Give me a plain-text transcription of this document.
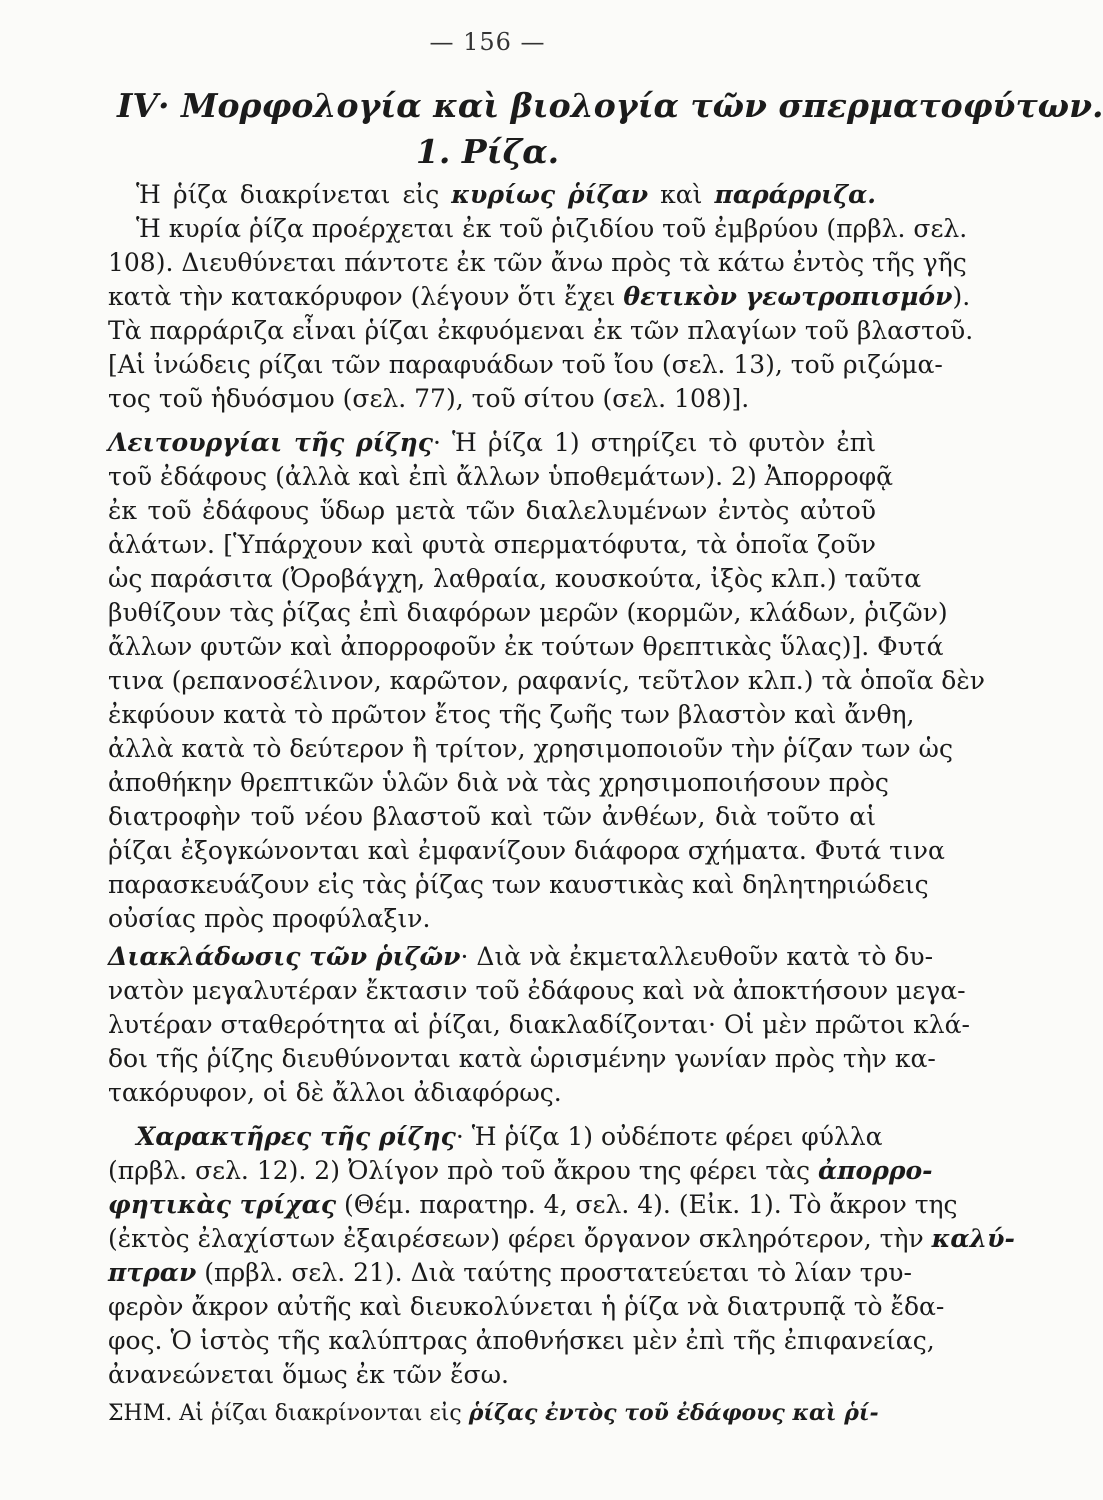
— 156 —
IV· Μορφολογία καὶ βιολογία τῶν σπερματοφύτων.
1. Ρίζα.
Ἡ ῥίζα διακρίνεται εἰς κυρίως ῥίζαν καὶ παράρριζα.
Ἡ κυρία ῥίζα προέρχεται ἐκ τοῦ ῥιζιδίου τοῦ ἐμβρύου (πρβλ. σελ.
108). Διευθύνεται πάντοτε ἐκ τῶν ἄνω πρὸς τὰ κάτω ἐντὸς τῆς γῆς
κατὰ τὴν κατακόρυφον (λέγουν ὅτι ἔχει θετικὸν γεωτροπισμόν).
Τὰ παρράριζα εἶναι ῥίζαι ἐκφυόμεναι ἐκ τῶν πλαγίων τοῦ βλαστοῦ.
[Αἱ ἰνώδεις ρίζαι τῶν παραφυάδων τοῦ ἴου (σελ. 13), τοῦ ριζώμα-
τος τοῦ ἡδυόσμου (σελ. 77), τοῦ σίτου (σελ. 108)].
Λειτουργίαι τῆς ρίζης· Ἡ ῥίζα 1) στηρίζει τὸ φυτὸν ἐπὶ
τοῦ ἐδάφους (ἀλλὰ καὶ ἐπὶ ἄλλων ὑποθεμάτων). 2) Ἀπορροφᾷ
ἐκ τοῦ ἐδάφους ὕδωρ μετὰ τῶν διαλελυμένων ἐντὸς αὐτοῦ
ἁλάτων. [Ὑπάρχουν καὶ φυτὰ σπερματόφυτα, τὰ ὁποῖα ζοῦν
ὡς παράσιτα (Ὀροβάγχη, λαθραία, κουσκούτα, ἰξὸς κλπ.) ταῦτα
βυθίζουν τὰς ῥίζας ἐπὶ διαφόρων μερῶν (κορμῶν, κλάδων, ῥιζῶν)
ἄλλων φυτῶν καὶ ἀπορροφοῦν ἐκ τούτων θρεπτικὰς ὕλας)]. Φυτά
τινα (ρεπανοσέλινον, καρῶτον, ραφανίς, τεῦτλον κλπ.) τὰ ὁποῖα δὲν
ἐκφύουν κατὰ τὸ πρῶτον ἔτος τῆς ζωῆς των βλαστὸν καὶ ἄνθη,
ἀλλὰ κατὰ τὸ δεύτερον ἢ τρίτον, χρησιμοποιοῦν τὴν ῥίζαν των ὡς
ἀποθήκην θρεπτικῶν ὑλῶν διὰ νὰ τὰς χρησιμοποιήσουν πρὸς
διατροφὴν τοῦ νέου βλαστοῦ καὶ τῶν ἀνθέων, διὰ τοῦτο αἱ
ῥίζαι ἐξογκώνονται καὶ ἐμφανίζουν διάφορα σχήματα. Φυτά τινα
παρασκευάζουν εἰς τὰς ῥίζας των καυστικὰς καὶ δηλητηριώδεις
οὐσίας πρὸς προφύλαξιν.
Διακλάδωσις τῶν ῥιζῶν· Διὰ νὰ ἐκμεταλλευθοῦν κατὰ τὸ δυ-
νατὸν μεγαλυτέραν ἔκτασιν τοῦ ἐδάφους καὶ νὰ ἀποκτήσουν μεγα-
λυτέραν σταθερότητα αἱ ῥίζαι, διακλαδίζονται· Οἱ μὲν πρῶτοι κλά-
δοι τῆς ῥίζης διευθύνονται κατὰ ὡρισμένην γωνίαν πρὸς τὴν κα-
τακόρυφον, οἱ δὲ ἄλλοι ἀδιαφόρως.
Χαρακτῆρες τῆς ρίζης· Ἡ ῥίζα 1) οὐδέποτε φέρει φύλλα
(πρβλ. σελ. 12). 2) Ὀλίγον πρὸ τοῦ ἄκρου της φέρει τὰς ἀπορρο-
φητικὰς τρίχας (Θέμ. παρατηρ. 4, σελ. 4). (Εἰκ. 1). Τὸ ἄκρον της
(ἐκτὸς ἐλαχίστων ἐξαιρέσεων) φέρει ὄργανον σκληρότερον, τὴν καλύ-
πτραν (πρβλ. σελ. 21). Διὰ ταύτης προστατεύεται τὸ λίαν τρυ-
φερὸν ἄκρον αὐτῆς καὶ διευκολύνεται ἡ ῥίζα νὰ διατρυπᾷ τὸ ἔδα-
φος. Ὁ ἱστὸς τῆς καλύπτρας ἀποθνήσκει μὲν ἐπὶ τῆς ἐπιφανείας,
ἀνανεώνεται ὅμως ἐκ τῶν ἔσω.
ΣΗΜ. Αἱ ῥίζαι διακρίνονται εἰς ῥίζας ἐντὸς τοῦ ἐδάφους καὶ ῥί-
